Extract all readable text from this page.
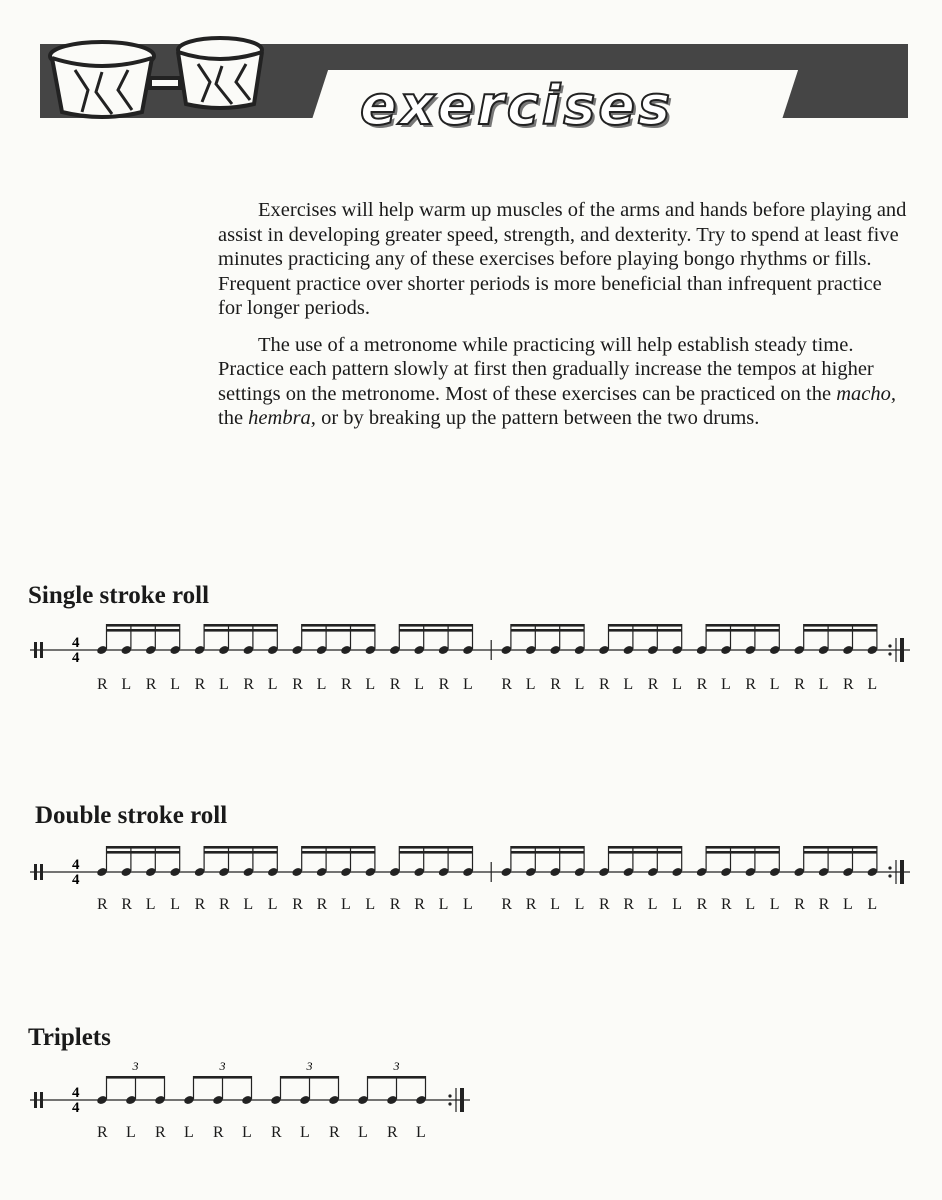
exercises

Exercises will help warm up muscles of the arms and hands before playing and assist in developing greater speed, strength, and dexterity. Try to spend at least five minutes practicing any of these exercises before playing bongo rhythms or fills. Frequent practice over shorter periods is more beneficial than infrequent practice for longer periods.

The use of a metronome while practicing will help establish steady time. Practice each pattern slowly at first then gradually increase the tempos at higher settings on the metronome. Most of these exercises can be practiced on the macho, the hembra, or by breaking up the pattern between the two drums.

Single stroke roll
4
4
Double stroke roll
4
4
Triplets
4
4
3	3	3	3
R L R L R L R L R L R L R L R L R L R L R L R L R L R L R L R L
R R L L R R L L R R L L R R L L R R L L R R L L R R L L R R L L
R L R L R L R L R L R L
